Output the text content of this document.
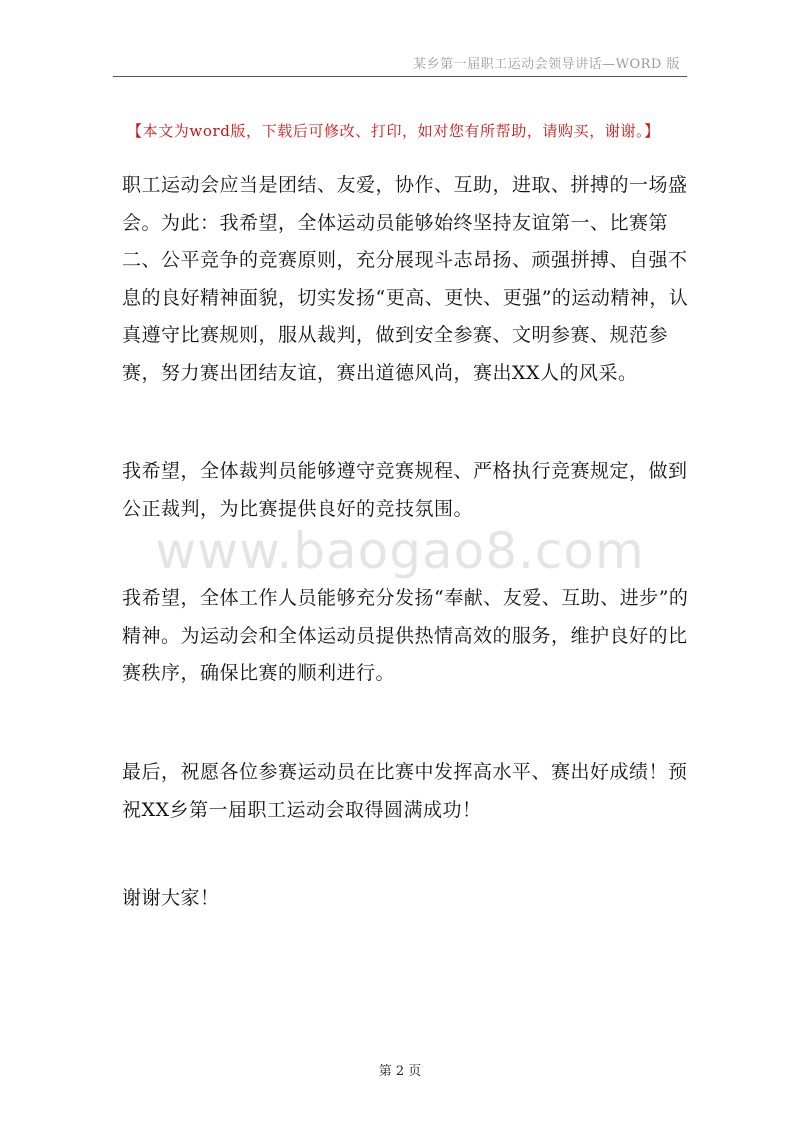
某乡第一届职工运动会领导讲话—WORD 版
【本文为word版，下载后可修改、打印，如对您有所帮助，请购买，谢谢。】

职工运动会应当是团结、友爱，协作、互助，进取、拼搏的一场盛会。为此：我希望，全体运动员能够始终坚持友谊第一、比赛第二、公平竞争的竞赛原则，充分展现斗志昂扬、顽强拼搏、自强不息的良好精神面貌，切实发扬“更高、更快、更强”的运动精神，认真遵守比赛规则，服从裁判，做到安全参赛、文明参赛、规范参赛，努力赛出团结友谊，赛出道德风尚，赛出XX人的风采。

我希望，全体裁判员能够遵守竞赛规程、严格执行竞赛规定，做到公正裁判，为比赛提供良好的竞技氛围。

www.baogao8.com

我希望，全体工作人员能够充分发扬“奉献、友爱、互助、进步”的精神。为运动会和全体运动员提供热情高效的服务，维护良好的比赛秩序，确保比赛的顺利进行。

最后，祝愿各位参赛运动员在比赛中发挥高水平、赛出好成绩！预祝XX乡第一届职工运动会取得圆满成功！

谢谢大家！

第 2 页
